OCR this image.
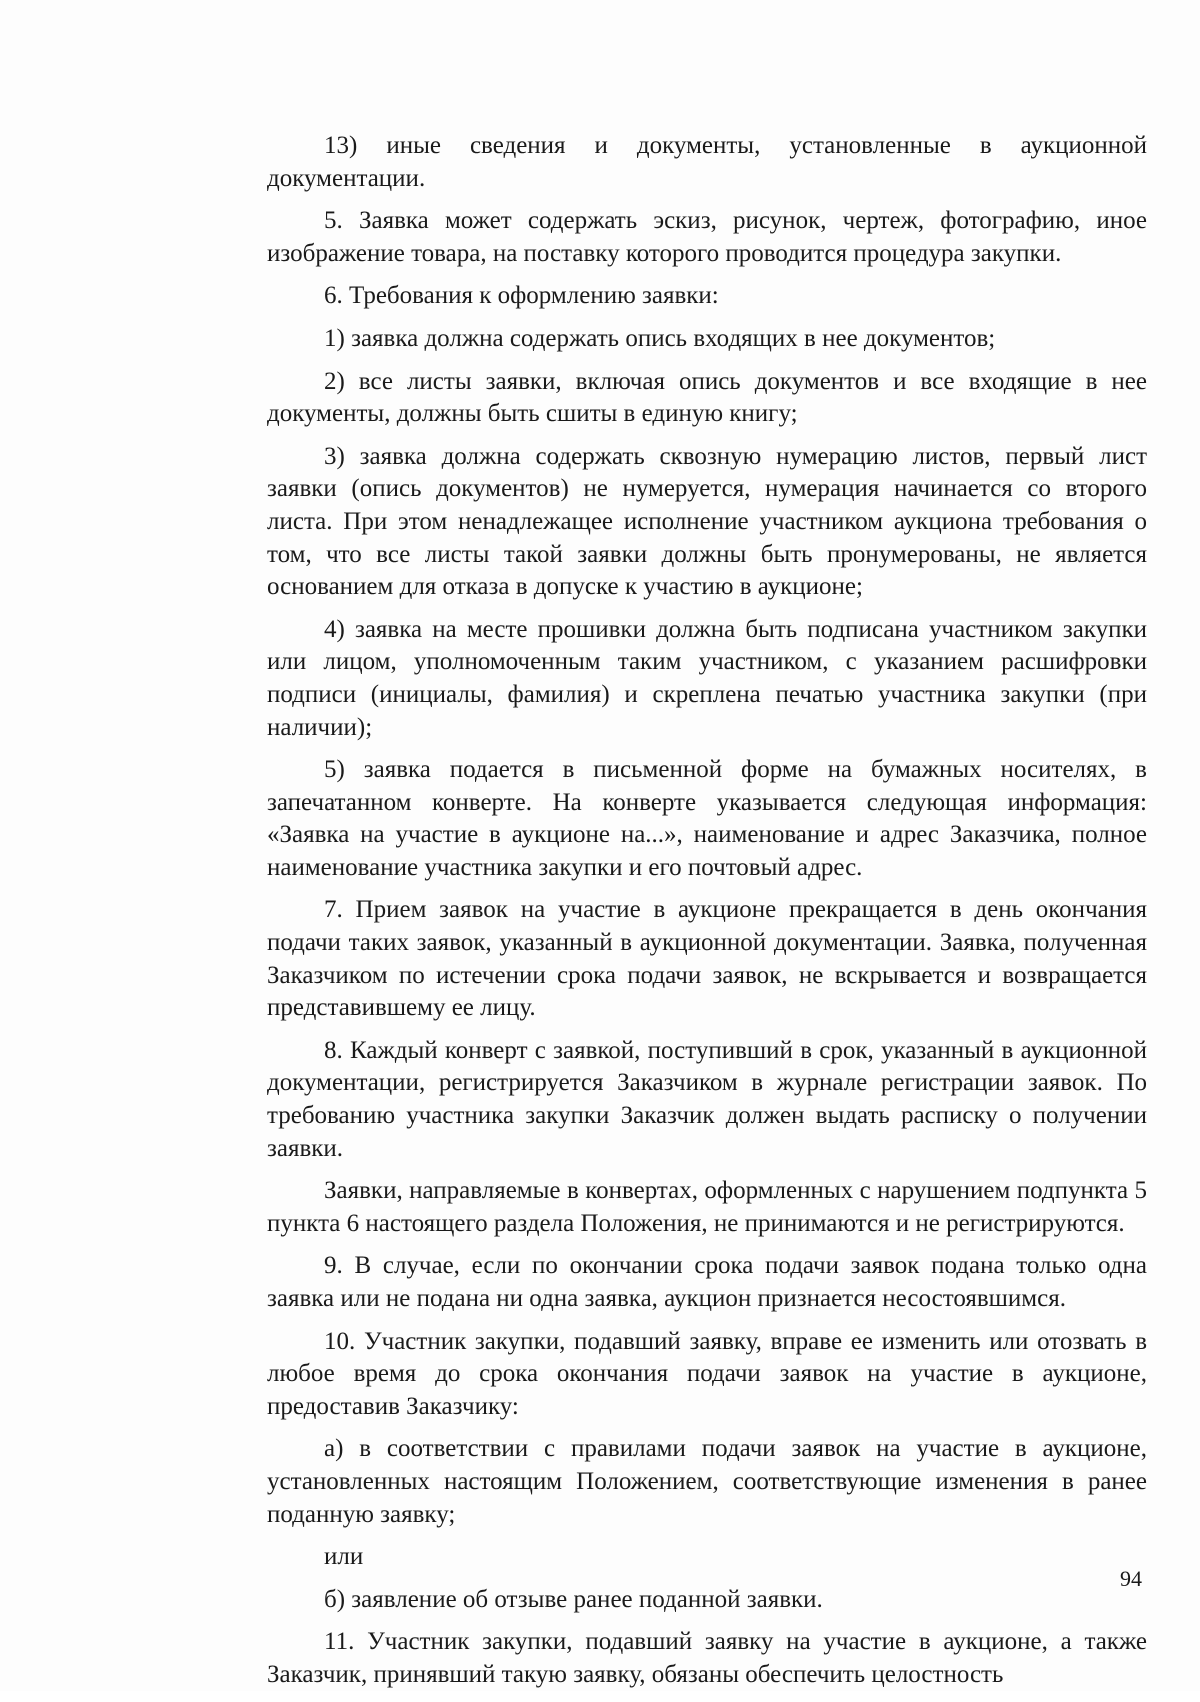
13) иные сведения и документы, установленные в аукционной документации.

5. Заявка может содержать эскиз, рисунок, чертеж, фотографию, иное изображение товара, на поставку которого проводится процедура закупки.

6. Требования к оформлению заявки:

1) заявка должна содержать опись входящих в нее документов;

2) все листы заявки, включая опись документов и все входящие в нее документы, должны быть сшиты в единую книгу;

3) заявка должна содержать сквозную нумерацию листов, первый лист заявки (опись документов) не нумеруется, нумерация начинается со второго листа. При этом ненадлежащее исполнение участником аукциона требования о том, что все листы такой заявки должны быть пронумерованы, не является основанием для отказа в допуске к участию в аукционе;

4) заявка на месте прошивки должна быть подписана участником закупки или лицом, уполномоченным таким участником, с указанием расшифровки подписи (инициалы, фамилия) и скреплена печатью участника закупки (при наличии);

5) заявка подается в письменной форме на бумажных носителях, в запечатанном конверте. На конверте указывается следующая информация: «Заявка на участие в аукционе на...», наименование и адрес Заказчика, полное наименование участника закупки и его почтовый адрес.

7. Прием заявок на участие в аукционе прекращается в день окончания подачи таких заявок, указанный в аукционной документации. Заявка, полученная Заказчиком по истечении срока подачи заявок, не вскрывается и возвращается представившему ее лицу.

8. Каждый конверт с заявкой, поступивший в срок, указанный в аукционной документации, регистрируется Заказчиком в журнале регистрации заявок. По требованию участника закупки Заказчик должен выдать расписку о получении заявки.

Заявки, направляемые в конвертах, оформленных с нарушением подпункта 5 пункта 6 настоящего раздела Положения, не принимаются и не регистрируются.

9. В случае, если по окончании срока подачи заявок подана только одна заявка или не подана ни одна заявка, аукцион признается несостоявшимся.

10. Участник закупки, подавший заявку, вправе ее изменить или отозвать в любое время до срока окончания подачи заявок на участие в аукционе, предоставив Заказчику:

а) в соответствии с правилами подачи заявок на участие в аукционе, установленных настоящим Положением, соответствующие изменения в ранее поданную заявку;

или

б) заявление об отзыве ранее поданной заявки.

11. Участник закупки, подавший заявку на участие в аукционе, а также Заказчик, принявший такую заявку, обязаны обеспечить целостность

94
